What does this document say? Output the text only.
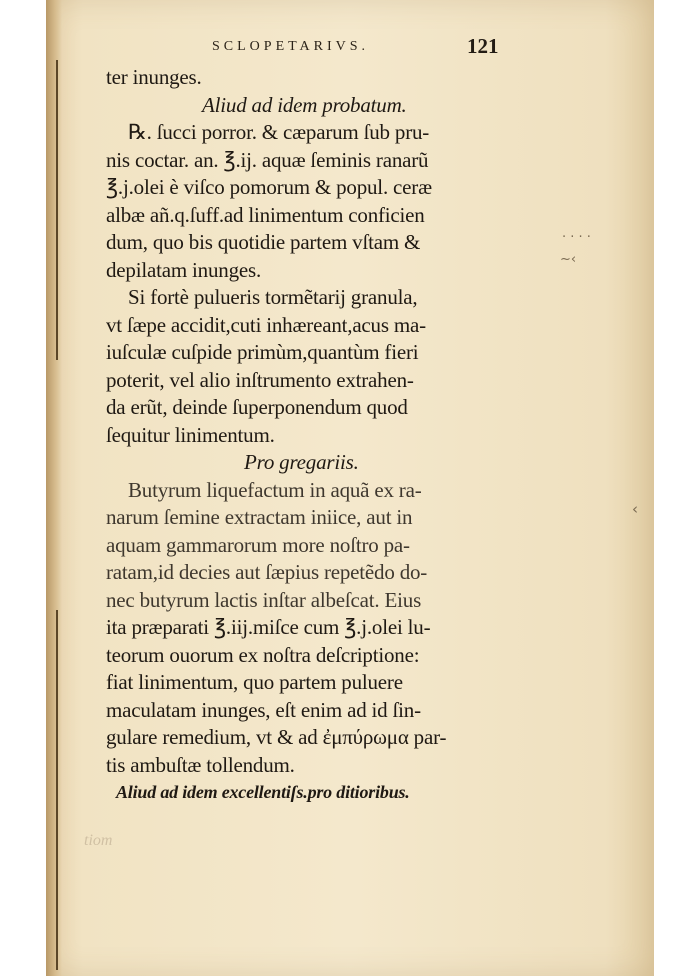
SCLOPETARIVS.	121
ter inunges.
Aliud ad idem probatum.
℞. ſucci porror. & cæparum ſub pru-
nis coctar. an. ℥.ij. aquæ ſeminis ranarũ
℥.j.olei è viſco pomorum & popul. ceræ
albæ añ.q.ſuff.ad linimentum conficien
dum, quo bis quotidie partem vſtam &
depilatam inunges.
Si fortè pulueris tormẽtarij granula,
vt ſæpe accidit,cuti inhæreant,acus ma-
iuſculæ cuſpide primùm,quantùm fieri
poterit, vel alio inſtrumento extrahen-
da erũt, deinde ſuperponendum quod
ſequitur linimentum.
Pro gregariis.
Butyrum liquefactum in aquã ex ra-
narum ſemine extractam iniice, aut in
aquam gammarorum more noſtro pa-
ratam,id decies aut ſæpius repetẽdo do-
nec butyrum lactis inſtar albeſcat. Eius
ita præparati ℥.iij.miſce cum ℥.j.olei lu-
teorum ouorum ex noſtra deſcriptione:
fiat linimentum, quo partem puluere
maculatam inunges, eſt enim ad id ſin-
gulare remedium, vt & ad ἐμπύρωμα par-
tis ambuſtæ tollendum.
Aliud ad idem excellentiſs.pro ditioribus.
tiom
· · · ·
~‹
‹
